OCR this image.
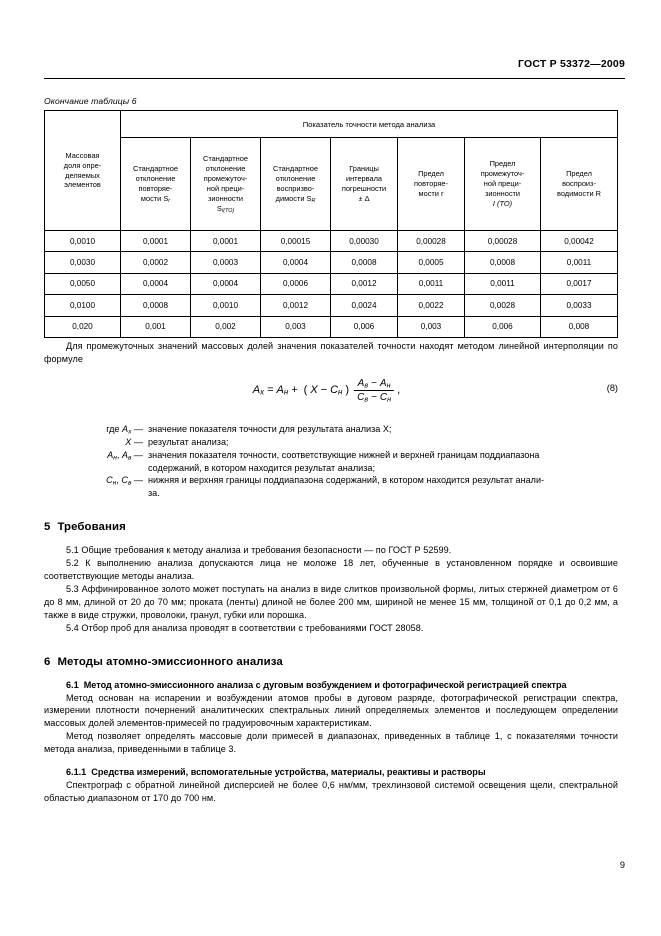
ГОСТ Р 53372—2009
Окончание таблицы 6
Массовая
доля опре-
деляемых
элементов	Показатель точности метода анализа						
Стандартное
отклонение
повторяе-
мости $S_r$	Стандартное
отклонение
промежуточ-
ной преци-
зионности
$S_{I(ТО)}$	Стандартное
отклонение
воспризво-
димости $S_R$	Границы
интервала
погрешности
± Δ	Предел
повторяе-
мости r	Предел
промежуточ-
ной преци-
зионности
I (ТО)	Предел
воспроиз-
водимости R
0,0010	0,0001	0,0001	0,00015	0,00030	0,00028	0,00028	0,00042
0,0030	0,0002	0,0003	0,0004	0,0008	0,0005	0,0008	0,0011
0,0050	0,0004	0,0004	0,0006	0,0012	0,0011	0,0011	0,0017
0,0100	0,0008	0,0010	0,0012	0,0024	0,0022	0,0028	0,0033
0,020	0,001	0,002	0,003	0,006	0,003	0,006	0,008

Для промежуточных значений массовых долей значения показателей точности находят методом линейной интерполяции по формуле

$A_x = A_н$ + ( $X - C_н$ ) $\frac{A_в - A_н}{C_в - C_н}$ ,	(8)
где $A_x$ — значение показателя точности для результата анализа X;
X — результат анализа;
$A_н$, $A_в$ — значения показателя точности, соответствующие нижней и верхней границам поддиапазона
содержаний, в котором находится результат анализа;
$C_н$, $C_в$ — нижняя и верхняя границы поддиапазона содержаний, в котором находится результат анали-
за.
5 Требования

5.1 Общие требования к методу анализа и требования безопасности — по ГОСТ Р 52599.

5.2 К выполнению анализа допускаются лица не моложе 18 лет, обученные в установленном порядке и освоившие соответствующие методы анализа.

5.3 Аффинированное золото может поступать на анализ в виде слитков произвольной формы, литых стержней диаметром от 6 до 8 мм, длиной от 20 до 70 мм; проката (ленты) длиной не более 200 мм, шириной не менее 15 мм, толщиной от 0,1 до 0,2 мм, а также в виде стружки, проволоки, гранул, губки или порошка.

5.4 Отбор проб для анализа проводят в соответствии с требованиями ГОСТ 28058.

6 Методы атомно-эмиссионного анализа
6.1 Метод атомно-эмиссионного анализа с дуговым возбуждением и фотографической регистрацией спектра

Метод основан на испарении и возбуждении атомов пробы в дуговом разряде, фотографической регистрации спектра, измерении плотности почернений аналитических спектральных линий определяемых элементов и последующем определении массовых долей элементов-примесей по градуировочным характеристикам.

Метод позволяет определять массовые доли примесей в диапазонах, приведенных в таблице 1, с показателями точности метода анализа, приведенными в таблице 3.

6.1.1 Средства измерений, вспомогательные устройства, материалы, реактивы и растворы

Спектрограф с обратной линейной дисперсией не более 0,6 нм/мм, трехлинзовой системой освещения щели, спектральной областью диапазоном от 170 до 700 нм.

9
